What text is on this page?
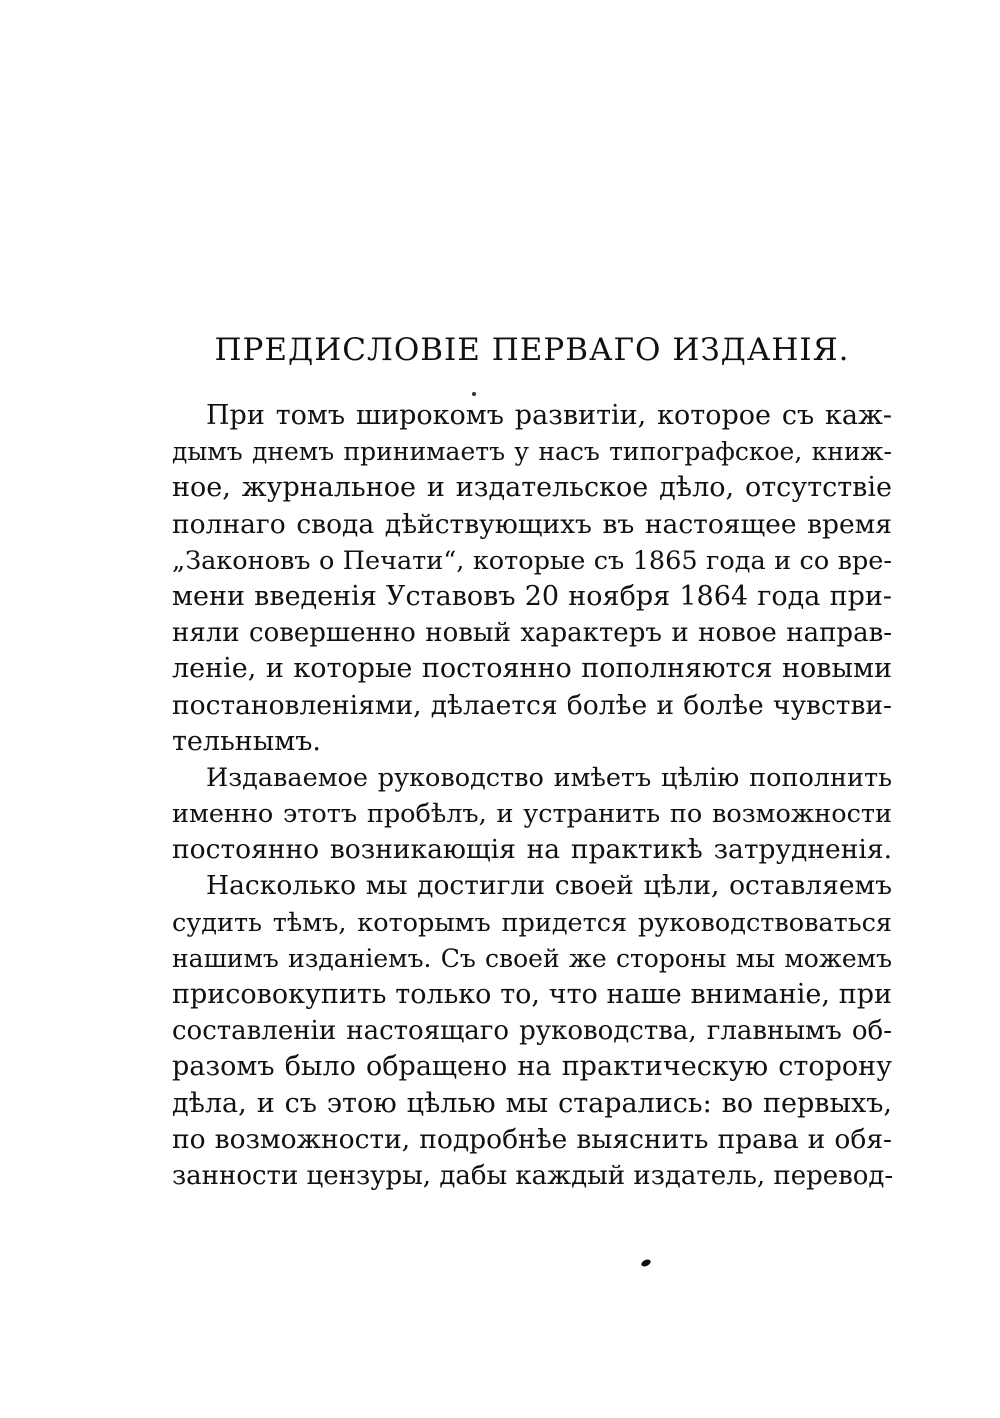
ПРЕДИСЛОВІЕ ПЕРВАГО ИЗДАНІЯ.
При томъ широкомъ развитіи, которое съ каж-
дымъ днемъ принимаетъ у насъ типографское, книж-
ное, журнальное и издательское дѣло, отсутствіе
полнаго свода дѣйствующихъ въ настоящее время
„Законовъ о Печати“, которые съ 1865 года и со вре-
мени введенія Уставовъ 20 ноября 1864 года при-
няли совершенно новый характеръ и новое направ-
леніе, и которые постоянно пополняются новыми
постановленіями, дѣлается болѣе и болѣе чувстви-
тельнымъ.
Издаваемое руководство имѣетъ цѣлію пополнить
именно этотъ пробѣлъ, и устранить по возможности
постоянно возникающія на практикѣ затрудненія.
Насколько мы достигли своей цѣли, оставляемъ
судить тѣмъ, которымъ придется руководствоваться
нашимъ изданіемъ. Съ своей же стороны мы можемъ
присовокупить только то, что наше вниманіе, при
составленіи настоящаго руководства, главнымъ об-
разомъ было обращено на практическую сторону
дѣла, и съ этою цѣлью мы старались: во первыхъ,
по возможности, подробнѣе выяснить права и обя-
занности цензуры, дабы каждый издатель, перевод-
